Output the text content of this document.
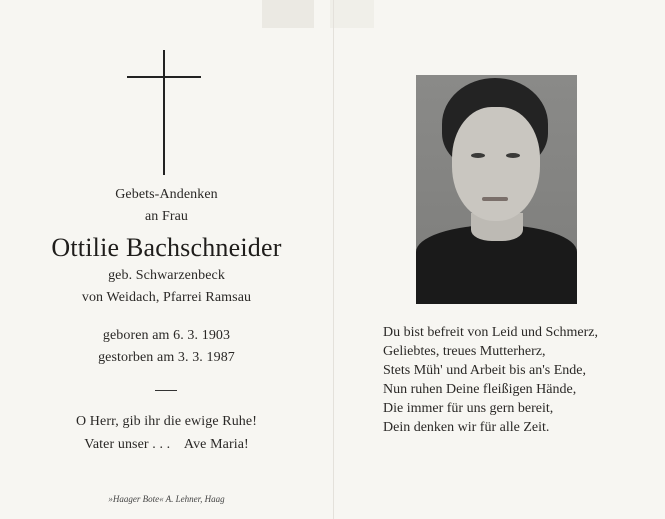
Gebets-Andenken
an Frau
Ottilie Bachschneider
geb. Schwarzenbeck
von Weidach, Pfarrei Ramsau
geboren am 6. 3. 1903
gestorben am 3. 3. 1987
O Herr, gib ihr die ewige Ruhe!
Vater unser . . .    Ave Maria!
»Haager Bote« A. Lehner, Haag
Du bist befreit von Leid und Schmerz,
Geliebtes, treues Mutterherz,
Stets Müh' und Arbeit bis an's Ende,
Nun ruhen Deine fleißigen Hände,
Die immer für uns gern bereit,
Dein denken wir für alle Zeit.
